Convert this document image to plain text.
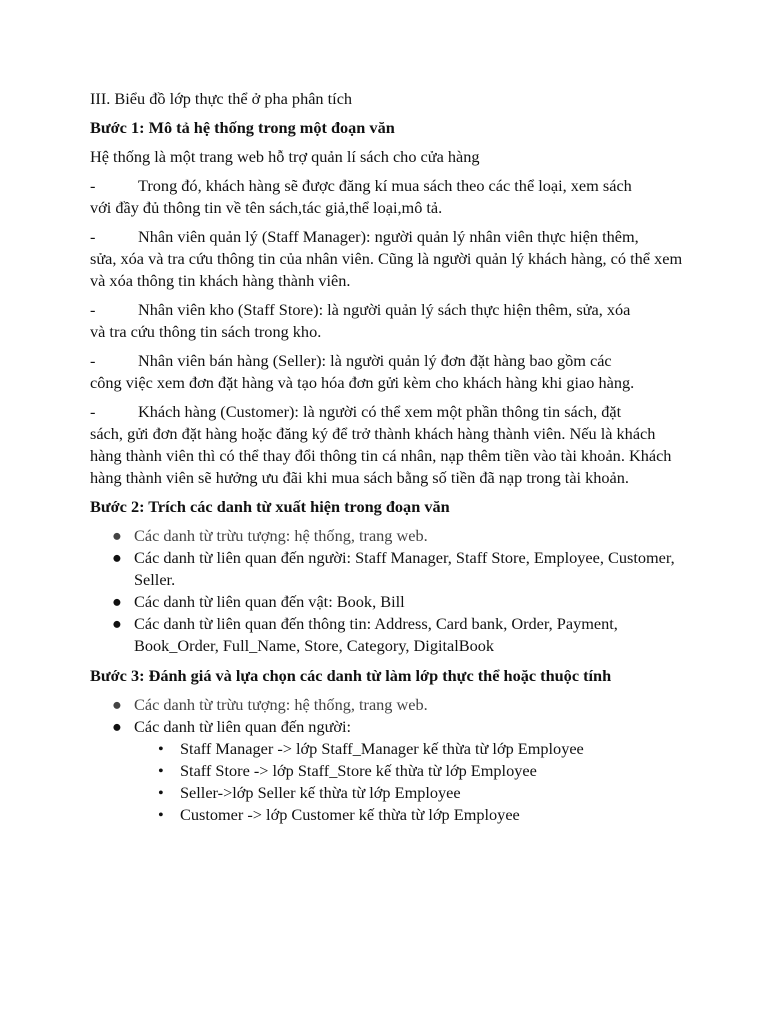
III. Biểu đồ lớp thực thể ở pha phân tích

Bước 1: Mô tả hệ thống trong một đoạn văn

Hệ thống là một trang web hỗ trợ quản lí sách cho cửa hàng

-	Trong đó, khách hàng sẽ được đăng kí mua sách theo các thể loại, xem sách
với đầy đủ thông tin về tên sách,tác giả,thể loại,mô tả.

-	Nhân viên quản lý (Staff Manager): người quản lý nhân viên thực hiện thêm,
sửa, xóa và tra cứu thông tin của nhân viên. Cũng là người quản lý khách hàng, có thể xem và xóa thông tin khách hàng thành viên.

-	Nhân viên kho (Staff Store): là người quản lý sách thực hiện thêm, sửa, xóa
và tra cứu thông tin sách trong kho.

-	Nhân viên bán hàng (Seller): là người quản lý đơn đặt hàng bao gồm các
công việc xem đơn đặt hàng và tạo hóa đơn gửi kèm cho khách hàng khi giao hàng.

-	Khách hàng (Customer): là người có thể xem một phần thông tin sách, đặt
sách, gửi đơn đặt hàng hoặc đăng ký để trở thành khách hàng thành viên. Nếu là khách hàng thành viên thì có thể thay đổi thông tin cá nhân, nạp thêm tiền vào tài khoản. Khách hàng thành viên sẽ hưởng ưu đãi khi mua sách bằng số tiền đã nạp trong tài khoản.

Bước 2: Trích các danh từ xuất hiện trong đoạn văn

● Các danh từ trừu tượng: hệ thống, trang web.
● Các danh từ liên quan đến người: Staff Manager, Staff Store, Employee, Customer, Seller.
● Các danh từ liên quan đến vật: Book, Bill
● Các danh từ liên quan đến thông tin: Address, Card bank, Order, Payment, Book_Order, Full_Name, Store, Category, DigitalBook

Bước 3: Đánh giá và lựa chọn các danh từ làm lớp thực thể hoặc thuộc tính

● Các danh từ trừu tượng: hệ thống, trang web.
● Các danh từ liên quan đến người:
• Staff Manager -> lớp Staff_Manager kế thừa từ lớp Employee
• Staff Store -> lớp Staff_Store kế thừa từ lớp Employee
• Seller->lớp Seller kế thừa từ lớp Employee
• Customer -> lớp Customer kế thừa từ lớp Employee
